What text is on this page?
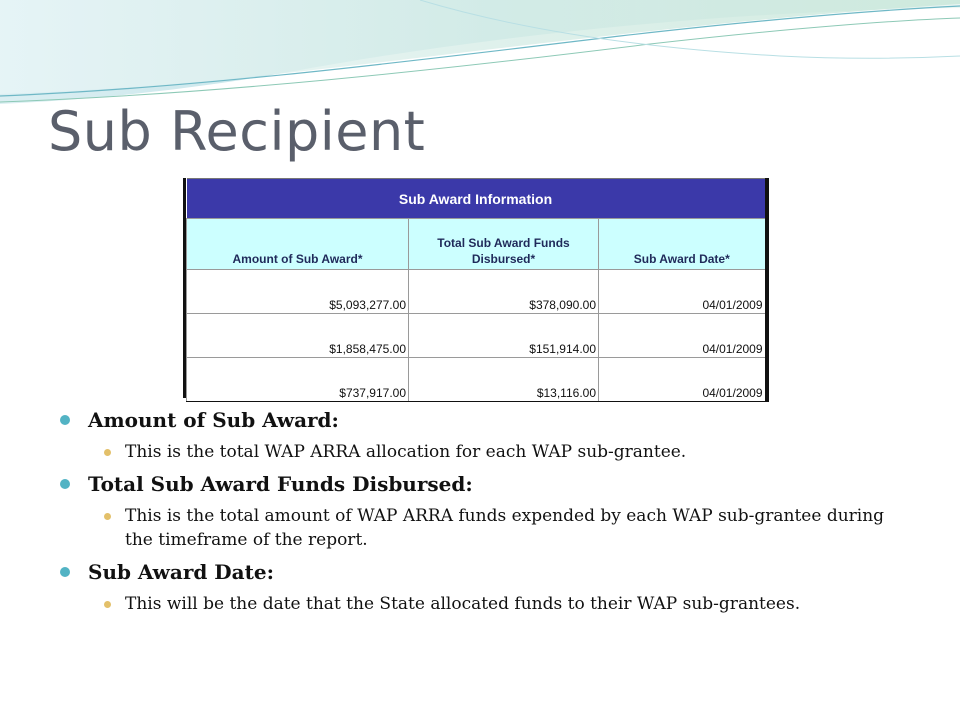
Sub Recipient
Sub Award Information		
Amount of Sub Award*	Total Sub Award Funds Disbursed*	Sub Award Date*
$5,093,277.00	$378,090.00	04/01/2009
$1,858,475.00	$151,914.00	04/01/2009
$737,917.00	$13,116.00	04/01/2009
Amount of Sub Award:
This is the total WAP ARRA allocation for each WAP sub-grantee.
Total Sub Award Funds Disbursed:
This is the total amount of WAP ARRA funds expended by each WAP sub-grantee during the timeframe of the report.
Sub Award Date:
This will be the date that the State allocated funds to their WAP sub-grantees.
